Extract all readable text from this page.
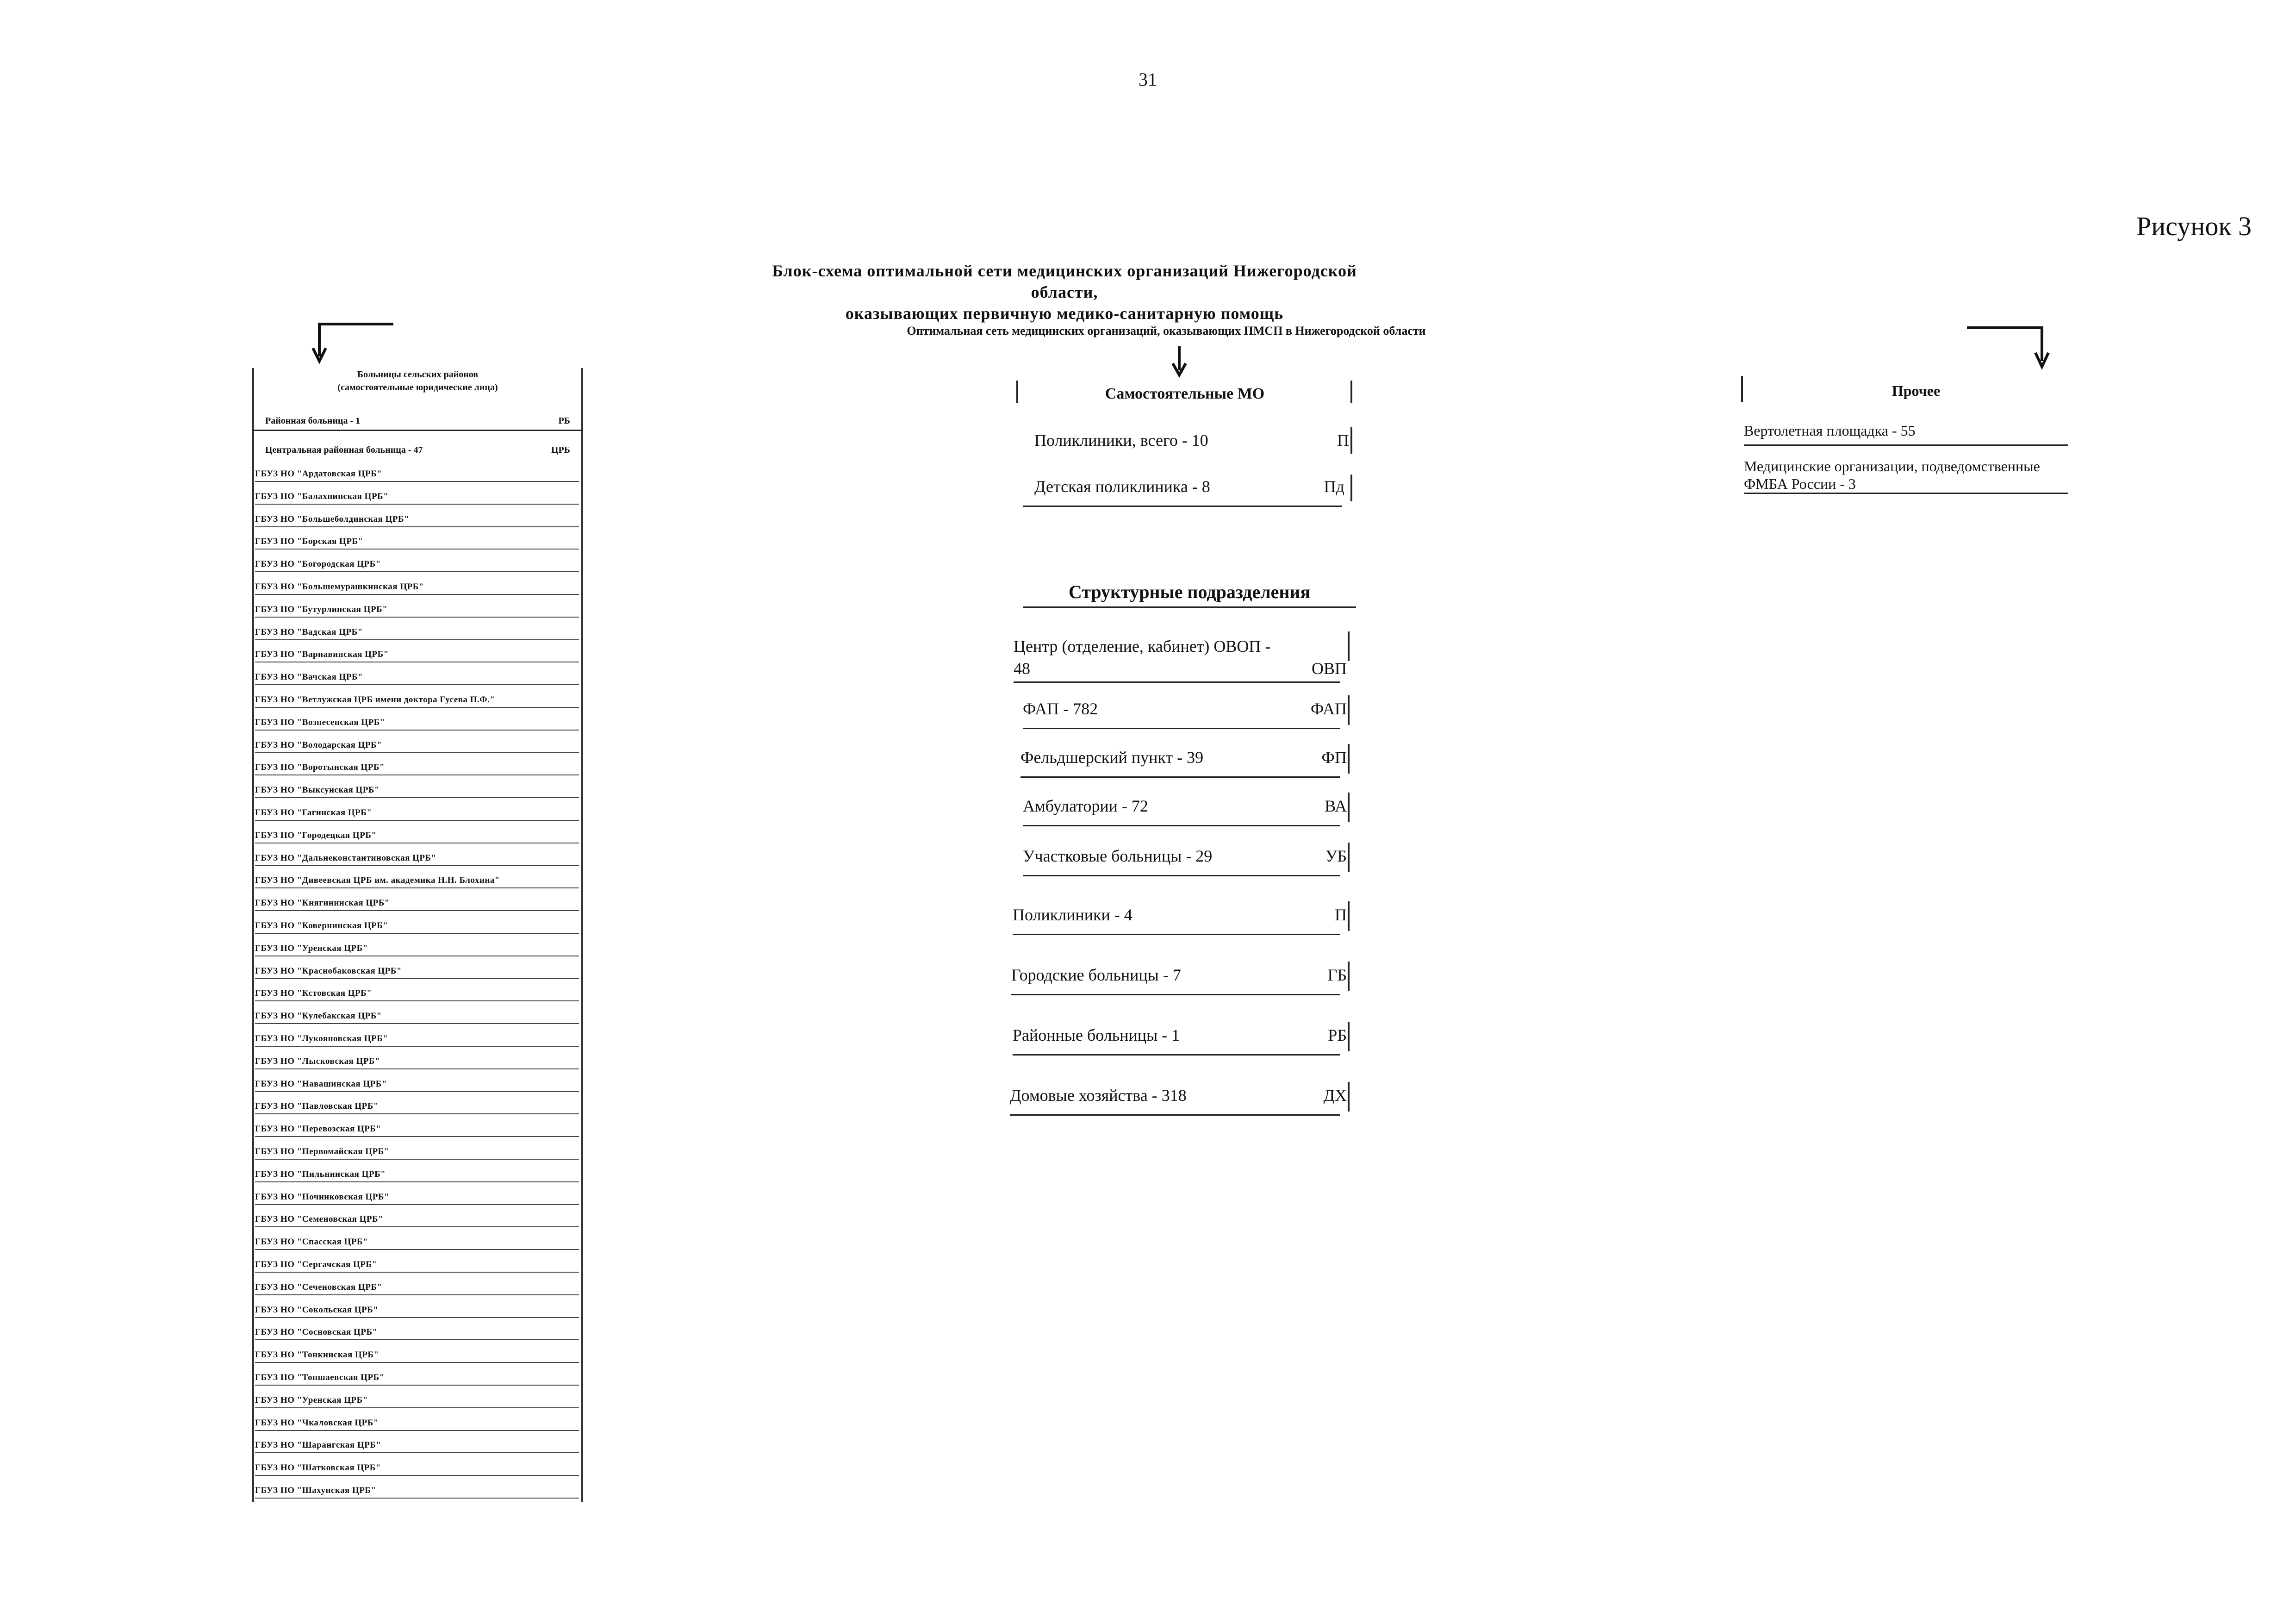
31
Рисунок 3
Блок-схема оптимальной сети медицинских организаций Нижегородской области,
оказывающих первичную медико-санитарную помощь
Оптимальная сеть медицинских организаций, оказывающих ПМСП в Нижегородской области
Больницы сельских районов
(самостоятельные юридические лица)
Районная больница - 1	РБ
Центральная районная больница - 47	ЦРБ
ГБУЗ НО "Ардатовская ЦРБ"
ГБУЗ НО "Балахнинская ЦРБ"
ГБУЗ НО "Большеболдинская ЦРБ"
ГБУЗ НО "Борская ЦРБ"
ГБУЗ НО "Богородская ЦРБ"
ГБУЗ НО "Большемурашкинская ЦРБ"
ГБУЗ НО "Бутурлинская ЦРБ"
ГБУЗ НО "Вадская ЦРБ"
ГБУЗ НО "Варнавинская ЦРБ"
ГБУЗ НО "Вачская ЦРБ"
ГБУЗ НО "Ветлужская ЦРБ имени доктора Гусева П.Ф."
ГБУЗ НО "Вознесенская ЦРБ"
ГБУЗ НО "Володарская ЦРБ"
ГБУЗ НО "Воротынская ЦРБ"
ГБУЗ НО "Выксунская ЦРБ"
ГБУЗ НО "Гагинская ЦРБ"
ГБУЗ НО "Городецкая ЦРБ"
ГБУЗ НО "Дальнеконстантиновская ЦРБ"
ГБУЗ НО "Дивеевская ЦРБ им. академика Н.Н. Блохина"
ГБУЗ НО "Княгининская ЦРБ"
ГБУЗ НО "Ковернинская ЦРБ"
ГБУЗ НО "Уренская ЦРБ"
ГБУЗ НО "Краснобаковская ЦРБ"
ГБУЗ НО "Кстовская ЦРБ"
ГБУЗ НО "Кулебакская ЦРБ"
ГБУЗ НО "Лукояновская ЦРБ"
ГБУЗ НО "Лысковская ЦРБ"
ГБУЗ НО "Навашинская ЦРБ"
ГБУЗ НО "Павловская ЦРБ"
ГБУЗ НО "Перевозская ЦРБ"
ГБУЗ НО "Первомайская ЦРБ"
ГБУЗ НО "Пильнинская ЦРБ"
ГБУЗ НО "Починковская ЦРБ"
ГБУЗ НО "Семеновская ЦРБ"
ГБУЗ НО "Спасская ЦРБ"
ГБУЗ НО "Сергачская ЦРБ"
ГБУЗ НО "Сеченовская ЦРБ"
ГБУЗ НО "Сокольская ЦРБ"
ГБУЗ НО "Сосновская ЦРБ"
ГБУЗ НО "Тонкинская ЦРБ"
ГБУЗ НО "Тоншаевская ЦРБ"
ГБУЗ НО "Уренская ЦРБ"
ГБУЗ НО "Чкаловская ЦРБ"
ГБУЗ НО "Шарангская ЦРБ"
ГБУЗ НО "Шатковская ЦРБ"
ГБУЗ НО "Шахунская ЦРБ"
Самостоятельные МО
Поликлиники, всего - 10	П
Детская поликлиника - 8	Пд
Структурные подразделения
Центр (отделение, кабинет) ОВОП - 48	ОВП
ФАП - 782	ФАП
Фельдшерский пункт - 39	ФП
Амбулатории - 72	ВА
Участковые больницы - 29	УБ
Поликлиники - 4	П
Городские больницы - 7	ГБ
Районные больницы - 1	РБ
Домовые хозяйства - 318	ДХ
Прочее
Вертолетная площадка - 55
Медицинские организации, подведомственные ФМБА России - 3
